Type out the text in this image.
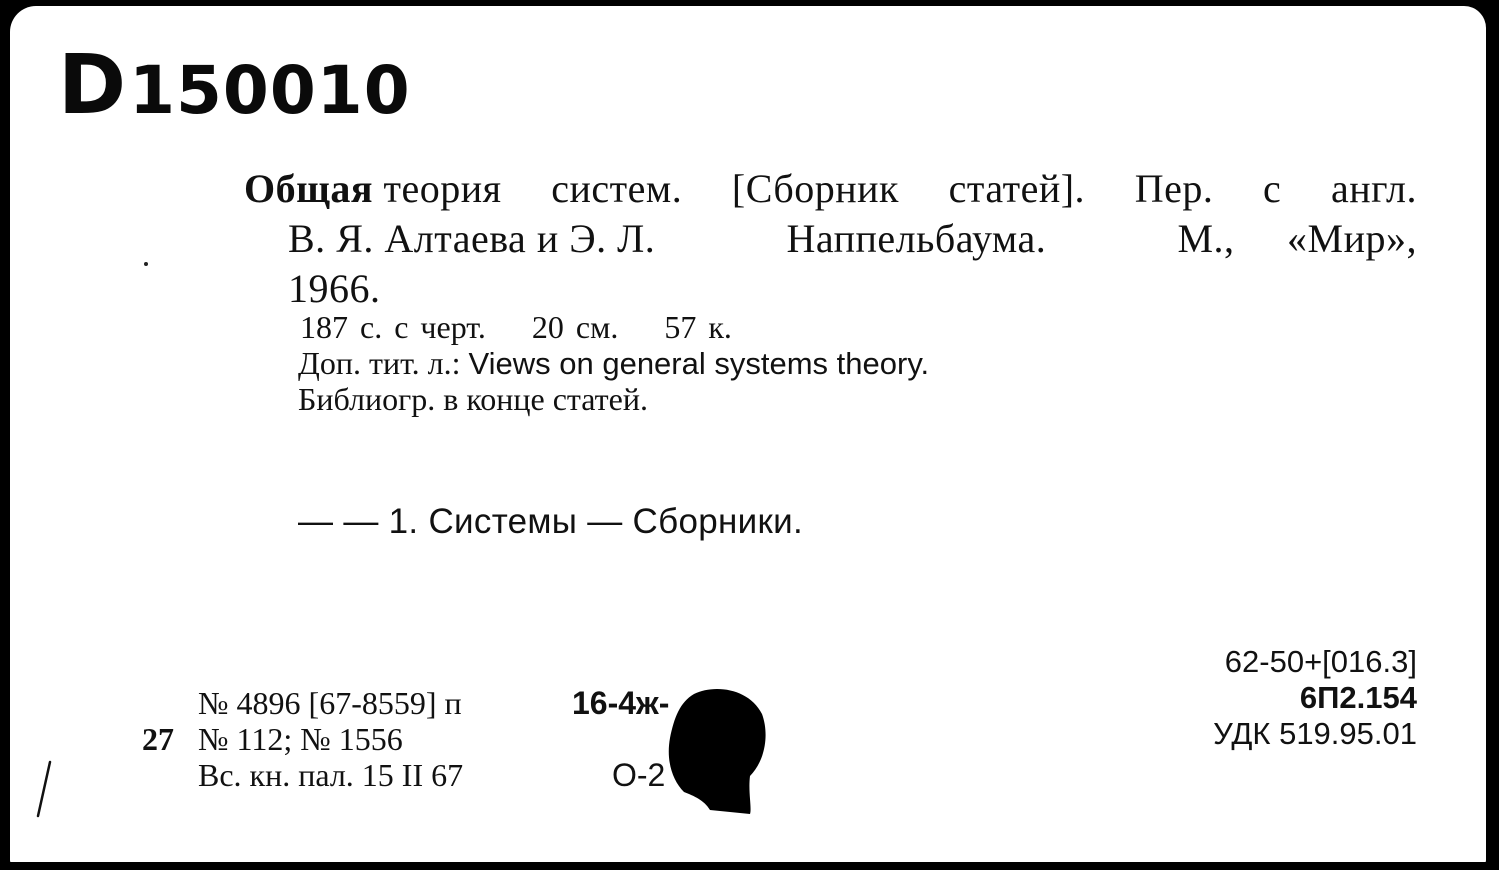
D150010
Общая теория систем. [Сборник статей]. Пер. с англ.
В. Я. Алтаева и Э. Л.	Наппельбаума.	М., «Мир»,
1966.
187 с. с черт. 20 см. 57 к.
Доп. тит. л.: Views on general systems theory.
Библиогр. в конце статей.
— — 1. Системы — Сборники.
62-50+[016.3]
6П2.154
УДК 519.95.01
№ 4896 [67-8559] п	16-4ж-
27 № 112; № 1556
Вс. кн. пал. 15 II 67	О-2
